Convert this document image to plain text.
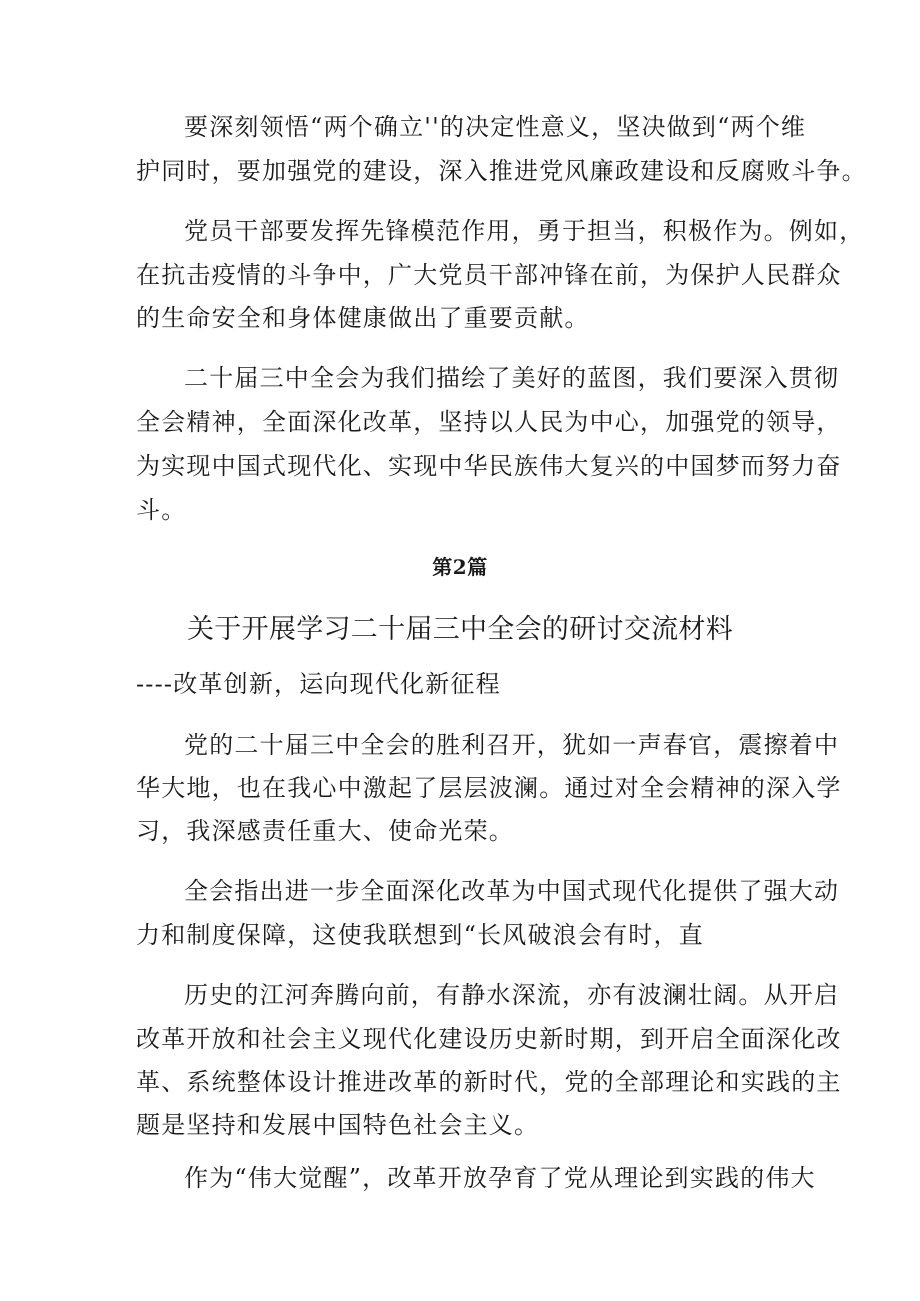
要深刻领悟“两个确立''的决定性意义，坚决做到“两个维
护同时，要加强党的建设，深入推进党风廉政建设和反腐败斗争。
党员干部要发挥先锋模范作用，勇于担当，积极作为。例如，
在抗击疫情的斗争中，广大党员干部冲锋在前，为保护人民群众
的生命安全和身体健康做出了重要贡献。
二十届三中全会为我们描绘了美好的蓝图，我们要深入贯彻
全会精神，全面深化改革，坚持以人民为中心，加强党的领导，
为实现中国式现代化、实现中华民族伟大复兴的中国梦而努力奋
斗。
第2篇
关于开展学习二十届三中全会的研讨交流材料
----改革创新，运向现代化新征程
党的二十届三中全会的胜利召开，犹如一声春官，震擦着中
华大地，也在我心中激起了层层波澜。通过对全会精神的深入学
习，我深感责任重大、使命光荣。
全会指出进一步全面深化改革为中国式现代化提供了强大动
力和制度保障，这使我联想到“长风破浪会有时，直
历史的江河奔腾向前，有静水深流，亦有波澜壮阔。从开启
改革开放和社会主义现代化建设历史新时期，到开启全面深化改
革、系统整体设计推进改革的新时代，党的全部理论和实践的主
题是坚持和发展中国特色社会主义。
作为“伟大觉醒”，改革开放孕育了党从理论到实践的伟大
